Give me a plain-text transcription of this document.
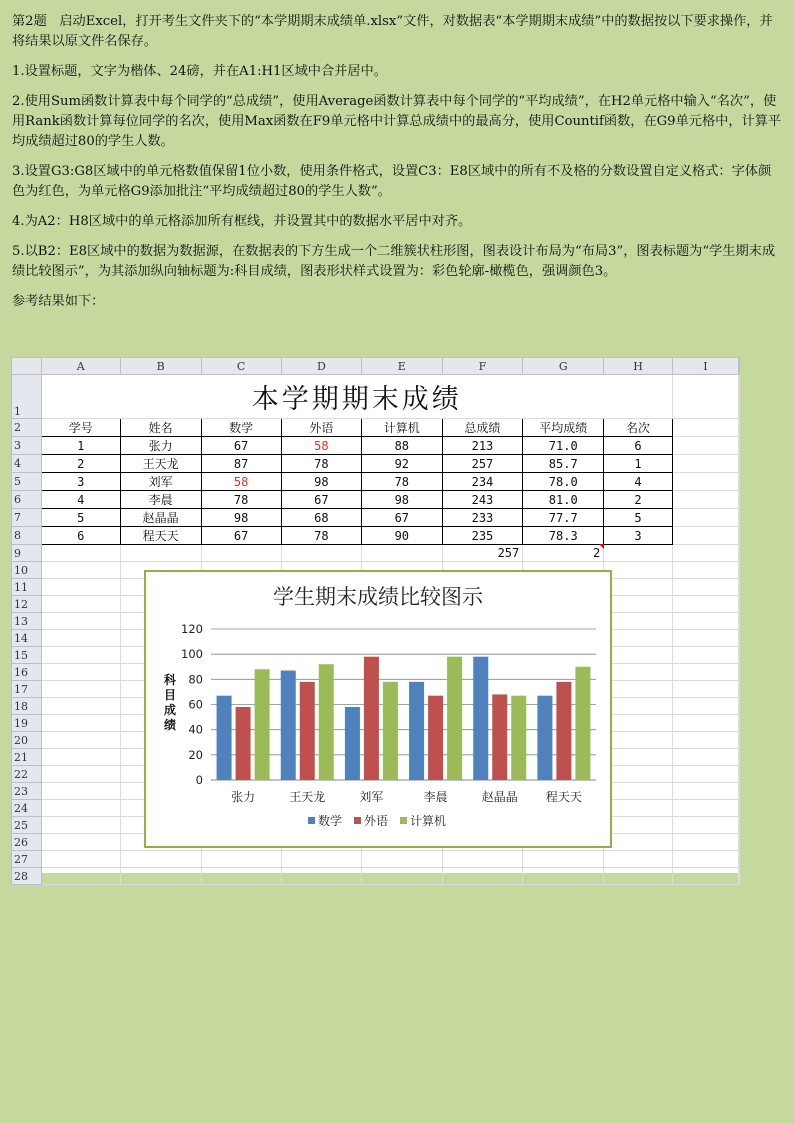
第2题 启动Excel，打开考生文件夹下的“本学期期末成绩单.xlsx”文件，对数据表“本学期期末成绩”中的数据按以下要求操作，并将结果以原文件名保存。

1.设置标题，文字为楷体、24磅，并在A1:H1区域中合并居中。

2.使用Sum函数计算表中每个同学的“总成绩”，使用Average函数计算表中每个同学的“平均成绩”，在H2单元格中输入“名次”，使用Rank函数计算每位同学的名次，使用Max函数在F9单元格中计算总成绩中的最高分，使用Countif函数，在G9单元格中，计算平均成绩超过80的学生人数。

3.设置G3:G8区域中的单元格数值保留1位小数，使用条件格式，设置C3：E8区域中的所有不及格的分数设置自定义格式：字体颜色为红色，为单元格G9添加批注“平均成绩超过80的学生人数”。

4.为A2：H8区域中的单元格添加所有框线，并设置其中的数据水平居中对齐。

5.以B2：E8区域中的数据为数据源，在数据表的下方生成一个二维簇状柱形图，图表设计布局为“布局3”，图表标题为“学生期末成绩比较图示”，为其添加纵向轴标题为:科目成绩，图表形状样式设置为：彩色轮廓-橄榄色，强调颜色3。

参考结果如下：

	A	B	C	D	E	F	G	H	I	
1	本学期期末成绩									
2	学号	姓名	数学	外语	计算机	总成绩	平均成绩	名次		
3	1	张力	67	58	88	213	71.0	6		
4	2	王天龙	87	78	92	257	85.7	1		
5	3	刘军	58	98	78	234	78.0	4		
6	4	李晨	78	67	98	243	81.0	2		
7	5	赵晶晶	98	68	67	233	77.7	5		
8	6	程天天	67	78	90	235	78.3	3		
9						257	2

10										
11										
12										
13										
14										
15										
16										
17										
18										
19										
20										
21										
22										
23										
24										
25										
26										
27										
28										
学生期末成绩比较图示
0
20
40
60
80
100
120
科
目
成
绩
张力	王天龙	刘军	李晨	赵晶晶 程天天
数学 外语 计算机
